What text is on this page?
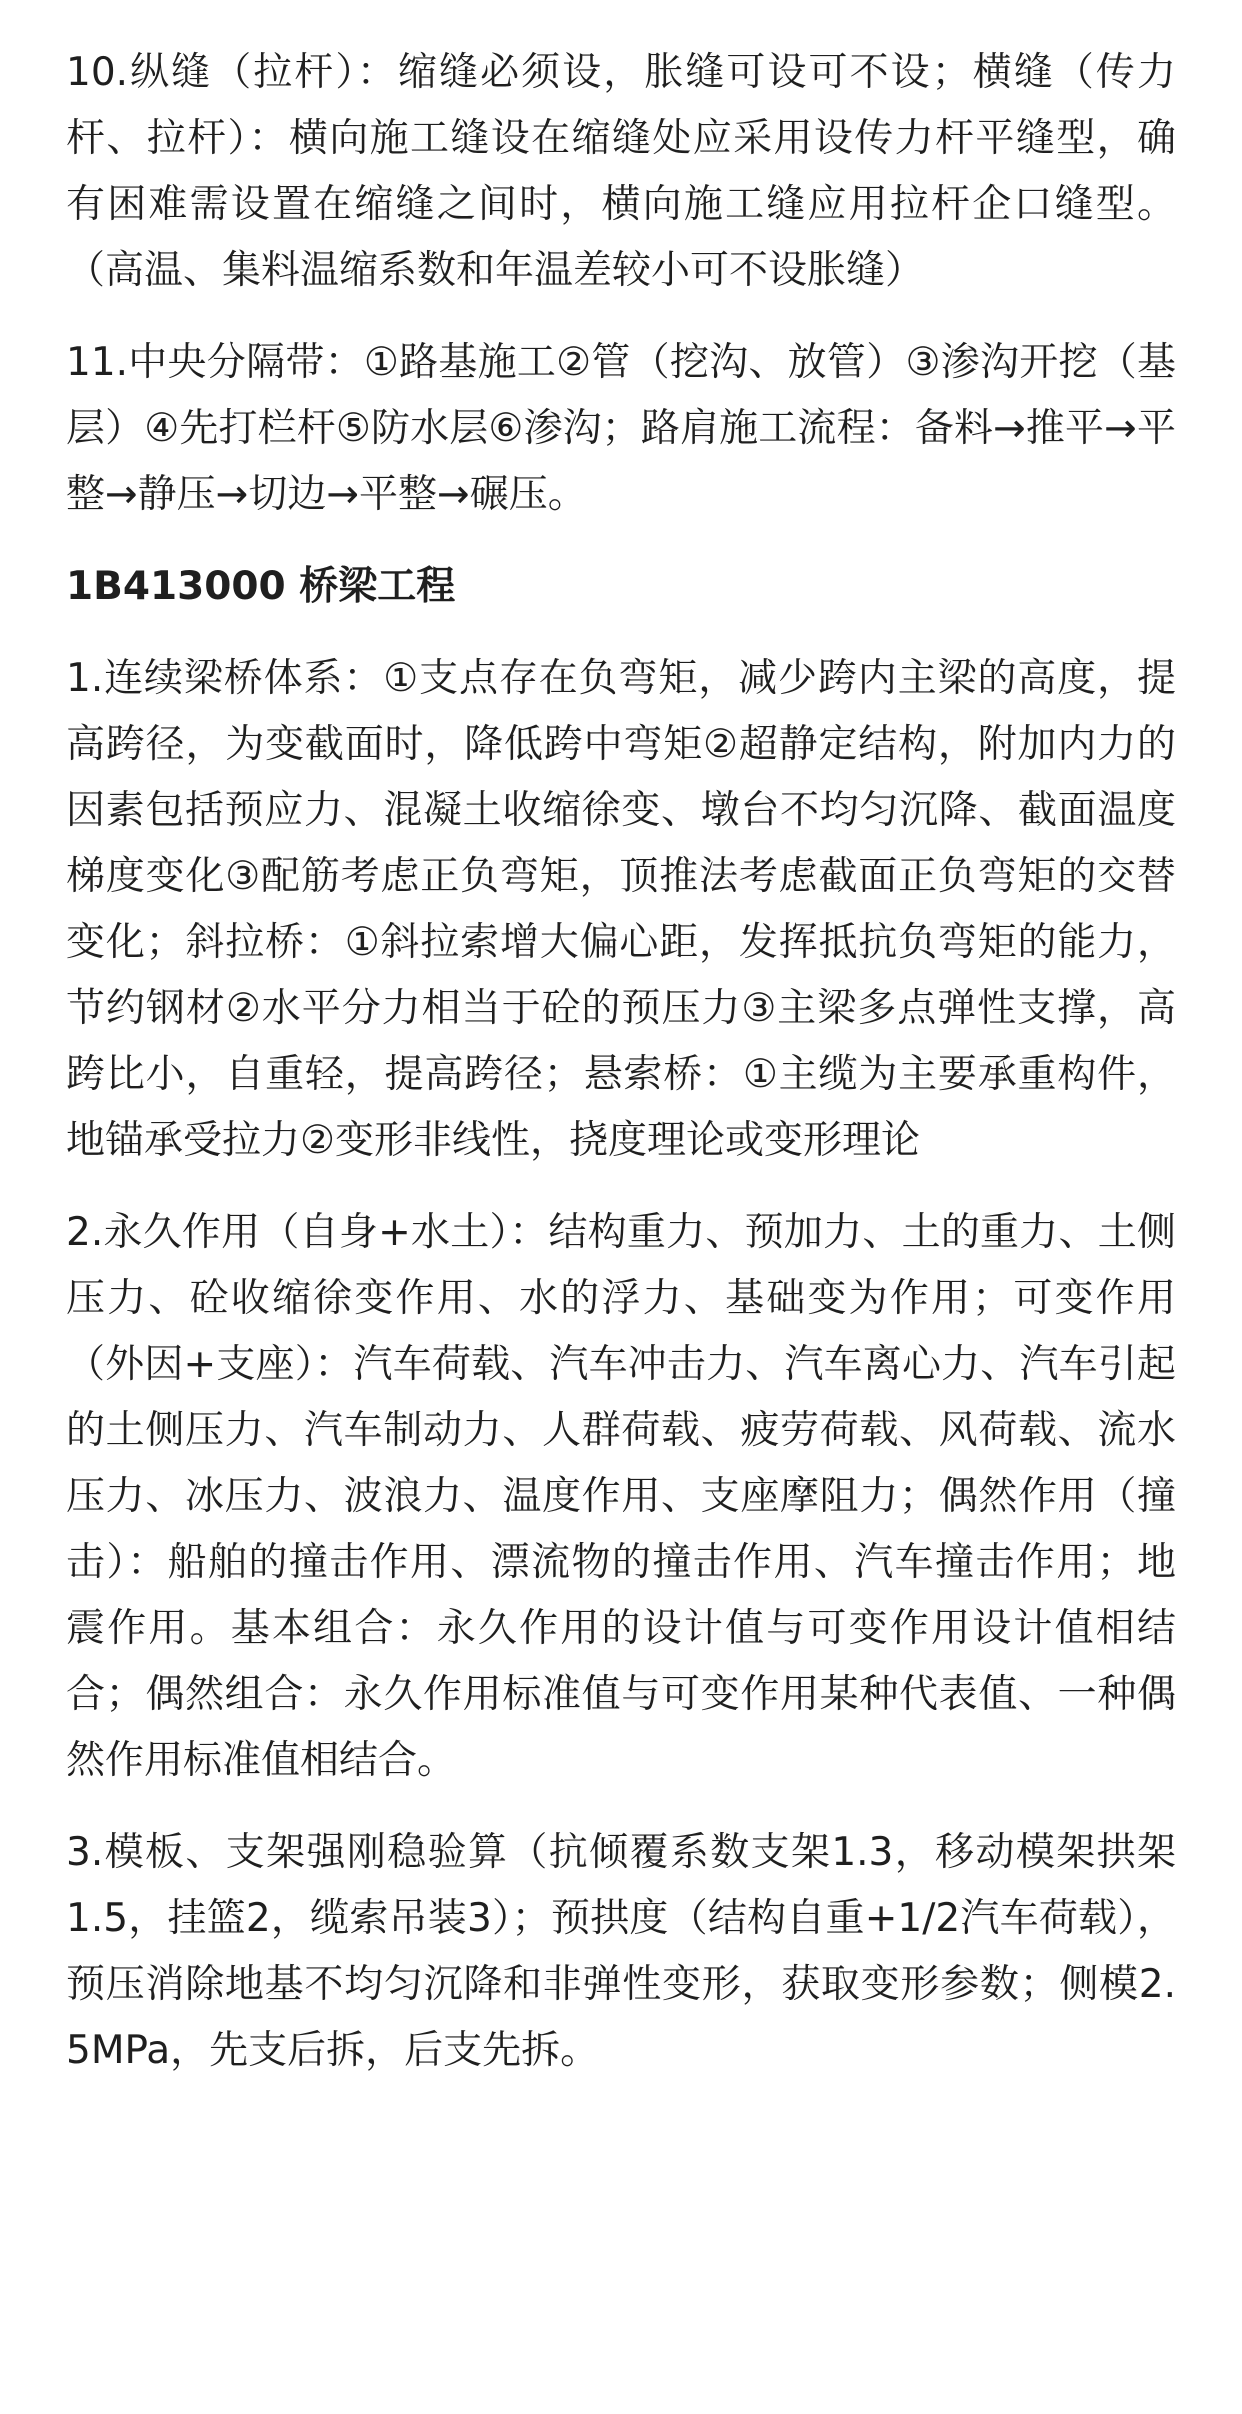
10.纵缝（拉杆）：缩缝必须设，胀缝可设可不设；横缝（传力杆、拉杆）：横向施工缝设在缩缝处应采用设传力杆平缝型，确有困难需设置在缩缝之间时，横向施工缝应用拉杆企口缝型。（高温、集料温缩系数和年温差较小可不设胀缝）

11.中央分隔带：①路基施工②管（挖沟、放管）③渗沟开挖（基层）④先打栏杆⑤防水层⑥渗沟；路肩施工流程：备料→推平→平整→静压→切边→平整→碾压。

1B413000 桥梁工程

1.连续梁桥体系：①支点存在负弯矩，减少跨内主梁的高度，提高跨径，为变截面时，降低跨中弯矩②超静定结构，附加内力的因素包括预应力、混凝土收缩徐变、墩台不均匀沉降、截面温度梯度变化③配筋考虑正负弯矩，顶推法考虑截面正负弯矩的交替变化；斜拉桥：①斜拉索增大偏心距，发挥抵抗负弯矩的能力，节约钢材②水平分力相当于砼的预压力③主梁多点弹性支撑，高跨比小，自重轻，提高跨径；悬索桥：①主缆为主要承重构件，地锚承受拉力②变形非线性，挠度理论或变形理论

2.永久作用（自身+水土）：结构重力、预加力、土的重力、土侧压力、砼收缩徐变作用、水的浮力、基础变为作用；可变作用（外因+支座）：汽车荷载、汽车冲击力、汽车离心力、汽车引起的土侧压力、汽车制动力、人群荷载、疲劳荷载、风荷载、流水压力、冰压力、波浪力、温度作用、支座摩阻力；偶然作用（撞击）：船舶的撞击作用、漂流物的撞击作用、汽车撞击作用；地震作用。基本组合：永久作用的设计值与可变作用设计值相结合；偶然组合：永久作用标准值与可变作用某种代表值、一种偶然作用标准值相结合。

3.模板、支架强刚稳验算（抗倾覆系数支架1.3，移动模架拱架1.5，挂篮2，缆索吊装3）；预拱度（结构自重+1/2汽车荷载），预压消除地基不均匀沉降和非弹性变形，获取变形参数；侧模2.5MPa，先支后拆，后支先拆。
